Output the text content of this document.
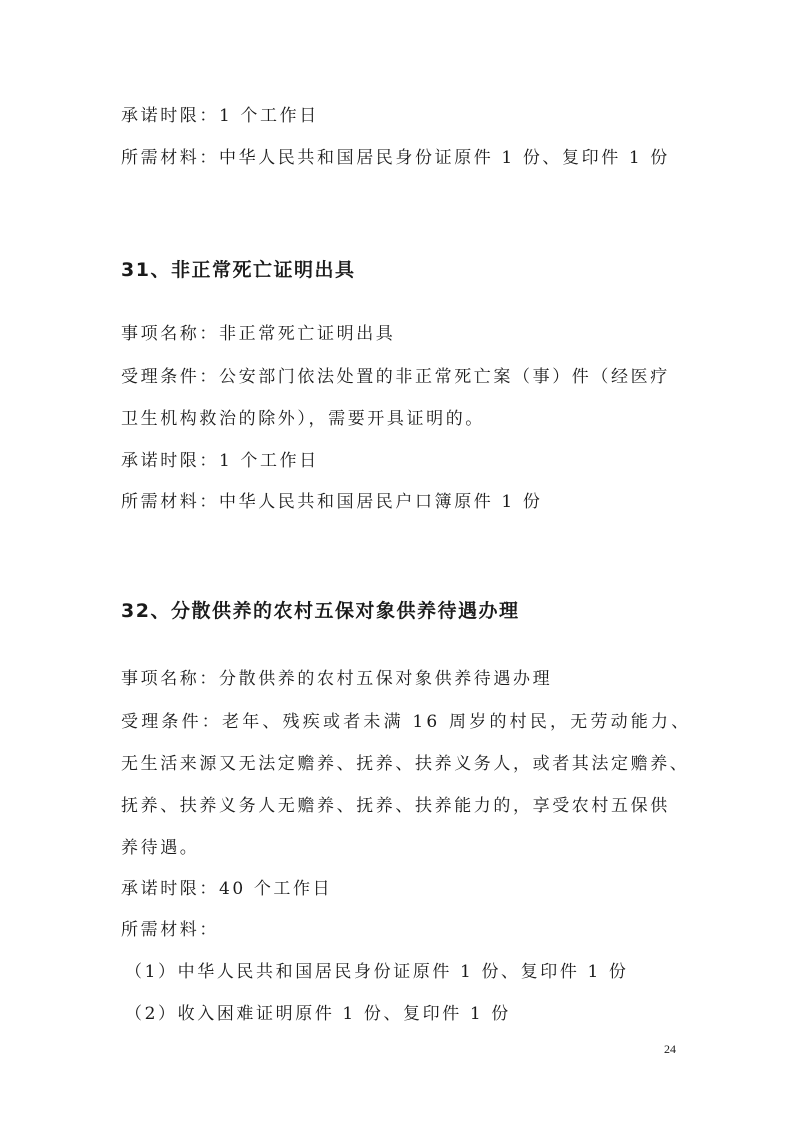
承诺时限：1 个工作日
所需材料：中华人民共和国居民身份证原件 1 份、复印件 1 份
31、非正常死亡证明出具
事项名称：非正常死亡证明出具
受理条件：公安部门依法处置的非正常死亡案（事）件（经医疗
卫生机构救治的除外），需要开具证明的。
承诺时限：1 个工作日
所需材料：中华人民共和国居民户口簿原件 1 份
32、分散供养的农村五保对象供养待遇办理
事项名称：分散供养的农村五保对象供养待遇办理
受理条件：老年、残疾或者未满 16 周岁的村民，无劳动能力、
无生活来源又无法定赡养、抚养、扶养义务人，或者其法定赡养、
抚养、扶养义务人无赡养、抚养、扶养能力的，享受农村五保供
养待遇。
承诺时限：40 个工作日
所需材料：
（1）中华人民共和国居民身份证原件 1 份、复印件 1 份
（2）收入困难证明原件 1 份、复印件 1 份
24
